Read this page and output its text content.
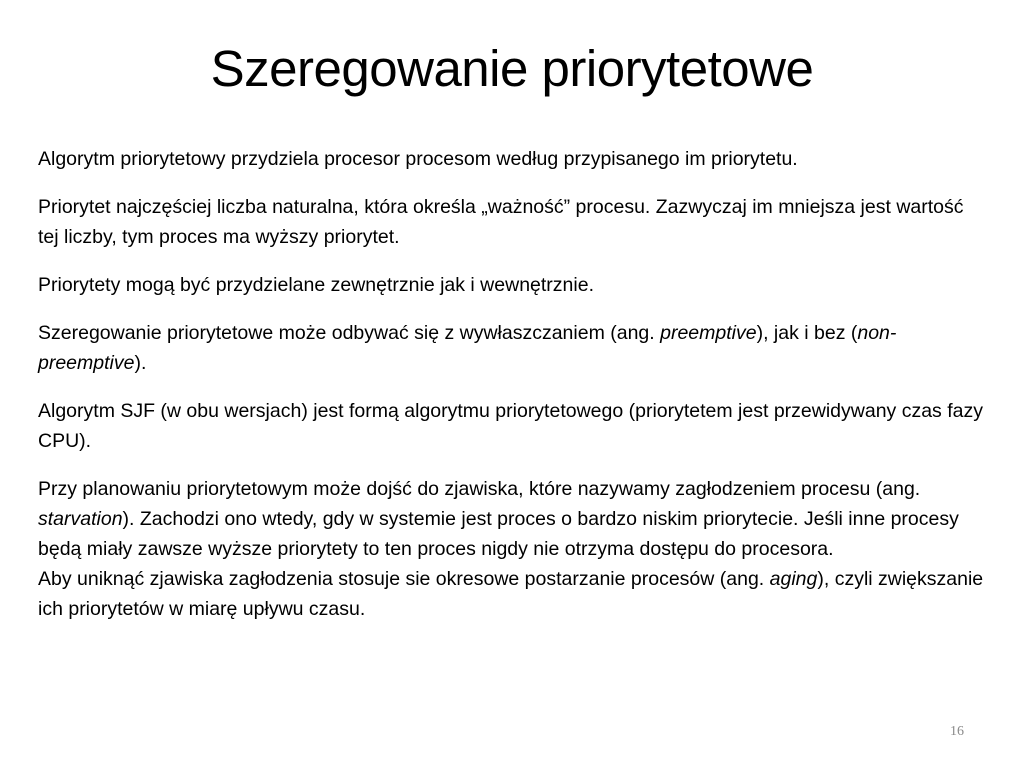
Szeregowanie priorytetowe

Algorytm priorytetowy przydziela procesor procesom według przypisanego im priorytetu.

Priorytet najczęściej liczba naturalna, która określa „ważność” procesu. Zazwyczaj im mniejsza jest wartość tej liczby, tym proces ma wyższy priorytet.

Priorytety mogą być przydzielane zewnętrznie jak i wewnętrznie.

Szeregowanie priorytetowe może odbywać się z wywłaszczaniem (ang. preemptive), jak i bez (non-preemptive).

Algorytm SJF (w obu wersjach) jest formą algorytmu priorytetowego (priorytetem jest przewidywany czas fazy CPU).

Przy planowaniu priorytetowym może dojść do zjawiska, które nazywamy zagłodzeniem procesu (ang. starvation). Zachodzi ono wtedy, gdy w systemie jest proces o bardzo niskim priorytecie. Jeśli inne procesy będą miały zawsze wyższe priorytety to ten proces nigdy nie otrzyma dostępu do procesora.

Aby uniknąć zjawiska zagłodzenia stosuje sie okresowe postarzanie procesów (ang. aging), czyli zwiększanie ich priorytetów w miarę upływu czasu.

16
